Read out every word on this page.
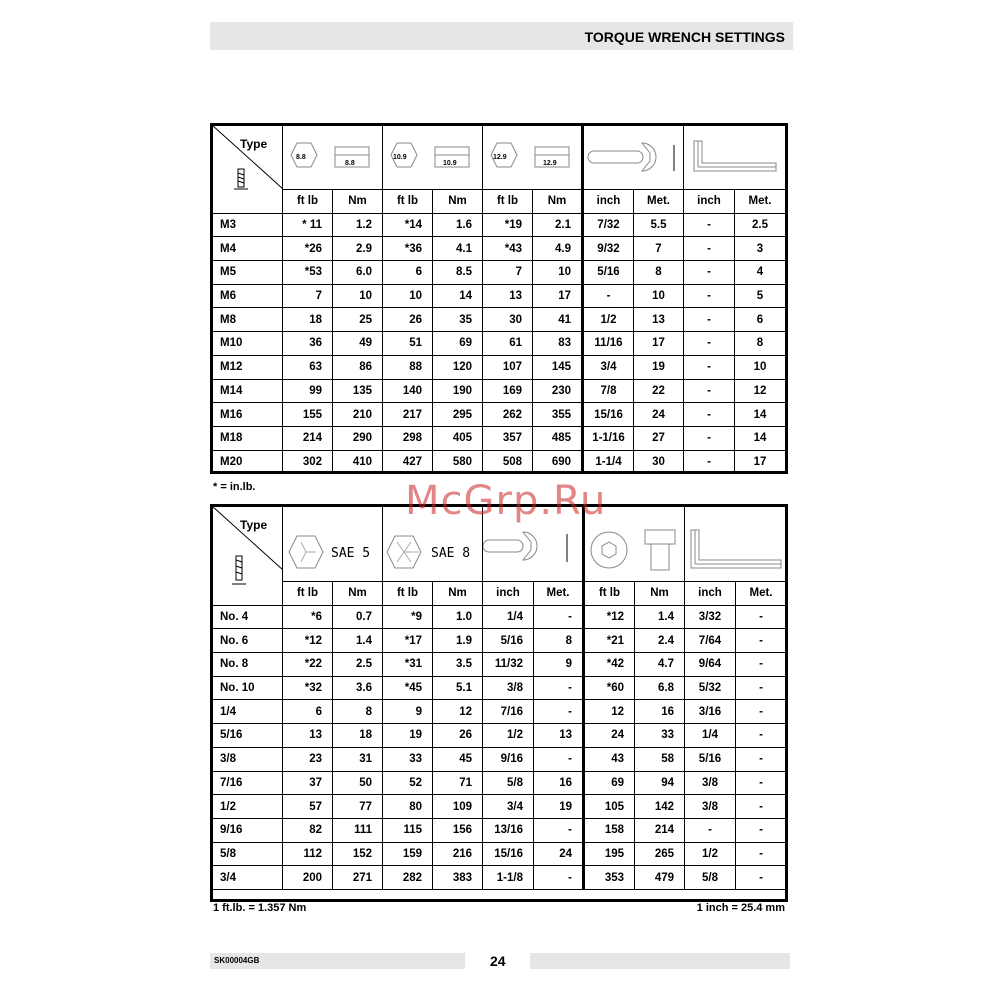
TORQUE WRENCH SETTINGS
Type	8.8
8.8		10.9
10.9		12.9
12.9

	ft lb	Nm	ft lb	Nm	ft lb	Nm	inch	Met.	inch	Met.
M3	* 11	1.2	*14	1.6	*19	2.1	7/32	5.5	-	2.5
M4	*26	2.9	*36	4.1	*43	4.9	9/32	7	-	3
M5	*53	6.0	6	8.5	7	10	5/16	8	-	4
M6	7	10	10	14	13	17	-	10	-	5
M8	18	25	26	35	30	41	1/2	13	-	6
M10	36	49	51	69	61	83	11/16	17	-	8
M12	63	86	88	120	107	145	3/4	19	-	10
M14	99	135	140	190	169	230	7/8	22	-	12
M16	155	210	217	295	262	355	15/16	24	-	14
M18	214	290	298	405	357	485	1-1/16	27	-	14
M20	302	410	427	580	508	690	1-1/4	30	-	17
* = in.lb.
Type	SAE 5		SAE 8

	ft lb	Nm	ft lb	Nm	inch	Met.	ft lb	Nm	inch	Met.
No. 4	*6	0.7	*9	1.0	1/4	-	*12	1.4	3/32	-
No. 6	*12	1.4	*17	1.9	5/16	8	*21	2.4	7/64	-
No. 8	*22	2.5	*31	3.5	11/32	9	*42	4.7	9/64	-
No. 10	*32	3.6	*45	5.1	3/8	-	*60	6.8	5/32	-
1/4	6	8	9	12	7/16	-	12	16	3/16	-
5/16	13	18	19	26	1/2	13	24	33	1/4	-
3/8	23	31	33	45	9/16	-	43	58	5/16	-
7/16	37	50	52	71	5/8	16	69	94	3/8	-
1/2	57	77	80	109	3/4	19	105	142	3/8	-
9/16	82	111	115	156	13/16	-	158	214	-	-
5/8	112	152	159	216	15/16	24	195	265	1/2	-
3/4	200	271	282	383	1-1/8	-	353	479	5/8	-
1 ft.lb. = 1.357 Nm	1 inch = 25.4 mm
McGrp.Ru
SK00004GB	24
